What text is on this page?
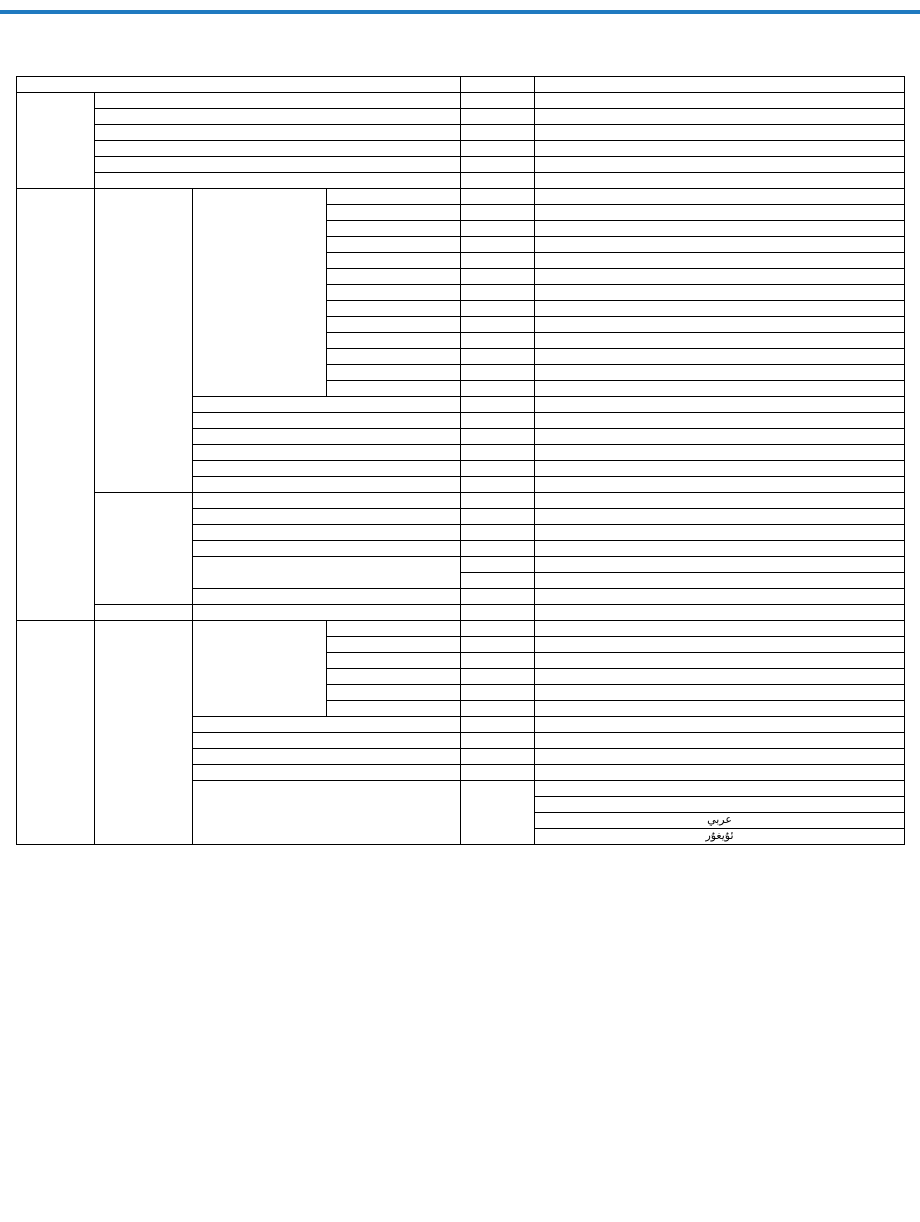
					عربي
					ئۇيغۇر
